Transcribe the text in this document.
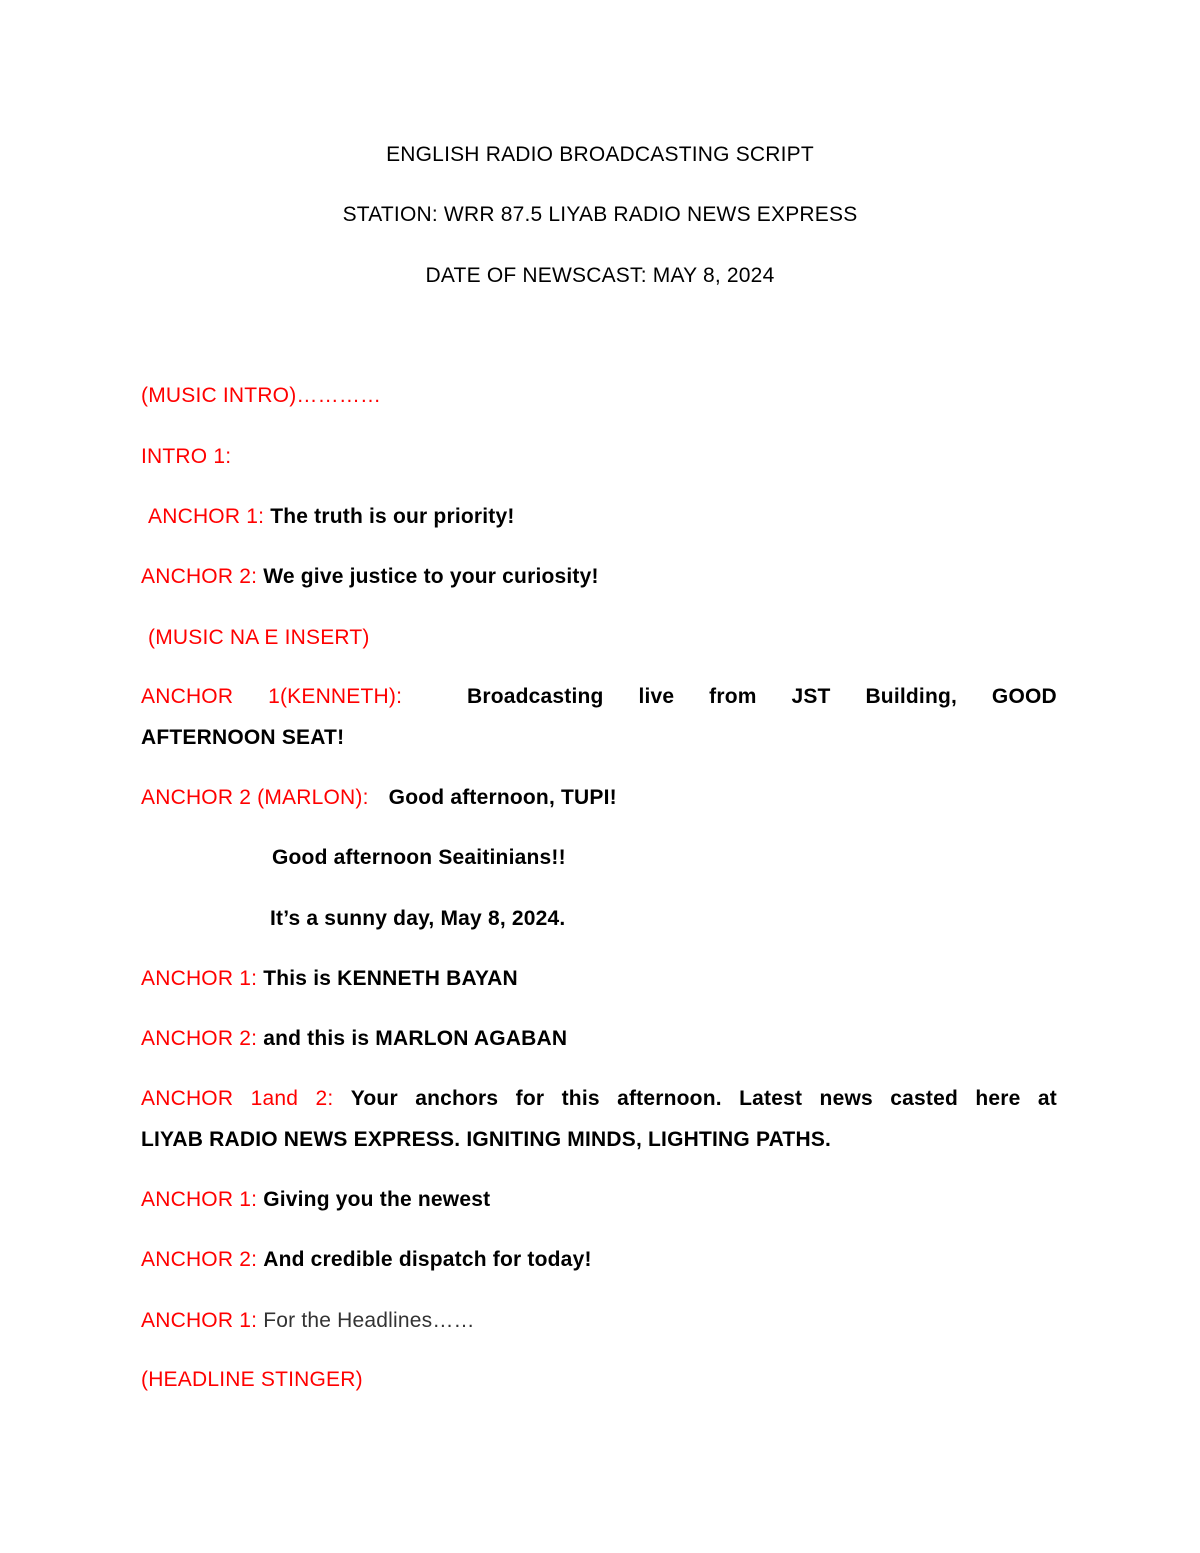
ENGLISH RADIO BROADCASTING SCRIPT
STATION: WRR 87.5 LIYAB RADIO NEWS EXPRESS
DATE OF NEWSCAST: MAY 8, 2024
(MUSIC INTRO)…………
INTRO 1:
ANCHOR 1: The truth is our priority!
ANCHOR 2: We give justice to your curiosity!
(MUSIC NA E INSERT)
ANCHOR 1(KENNETH):	Broadcasting live from JST Building, GOOD
AFTERNOON SEAT!
ANCHOR 2 (MARLON): Good afternoon, TUPI!
Good afternoon Seaitinians!!
It’s a sunny day, May 8, 2024.
ANCHOR 1: This is KENNETH BAYAN
ANCHOR 2: and this is MARLON AGABAN
ANCHOR 1and 2: Your anchors for this afternoon. Latest news casted here at
LIYAB RADIO NEWS EXPRESS. IGNITING MINDS, LIGHTING PATHS.
ANCHOR 1: Giving you the newest
ANCHOR 2: And credible dispatch for today!
ANCHOR 1: For the Headlines……
(HEADLINE STINGER)
